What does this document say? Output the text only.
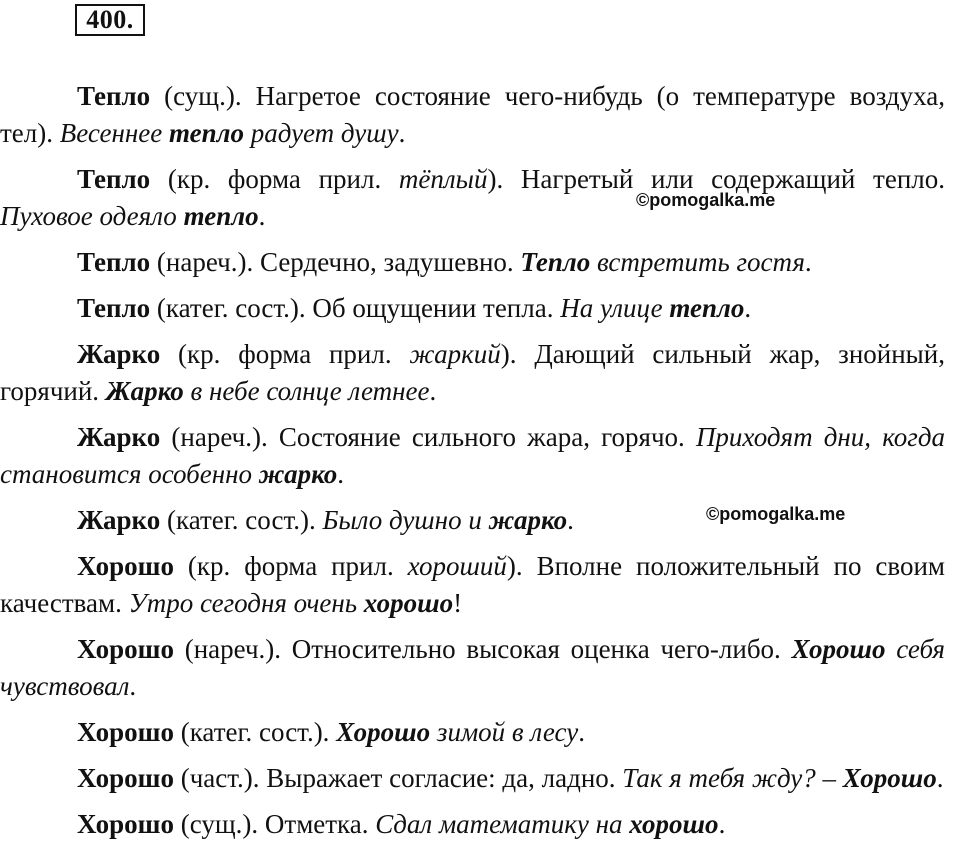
400.

Тепло (сущ.). Нагретое состояние чего-нибудь (о температуре воздуха, тел). Весеннее тепло радует душу.

Тепло (кр. форма прил. тёплый). Нагретый или содержащий тепло. Пуховое одеяло тепло.

Тепло (нареч.). Сердечно, задушевно. Тепло встретить гостя.

Тепло (катег. сост.). Об ощущении тепла. На улице тепло.

Жарко (кр. форма прил. жаркий). Дающий сильный жар, знойный, горячий. Жарко в небе солнце летнее.

Жарко (нареч.). Состояние сильного жара, горячо. Приходят дни, когда становится особенно жарко.

Жарко (катег. сост.). Было душно и жарко.

Хорошо (кр. форма прил. хороший). Вполне положительный по своим качествам. Утро сегодня очень хорошо!

Хорошо (нареч.). Относительно высокая оценка чего-либо. Хорошо себя чувствовал.

Хорошо (катег. сост.). Хорошо зимой в лесу.

Хорошо (част.). Выражает согласие: да, ладно. Так я тебя жду? – Хорошо.

Хорошо (сущ.). Отметка. Сдал математику на хорошо.

©pomogalka.me
©pomogalka.me
